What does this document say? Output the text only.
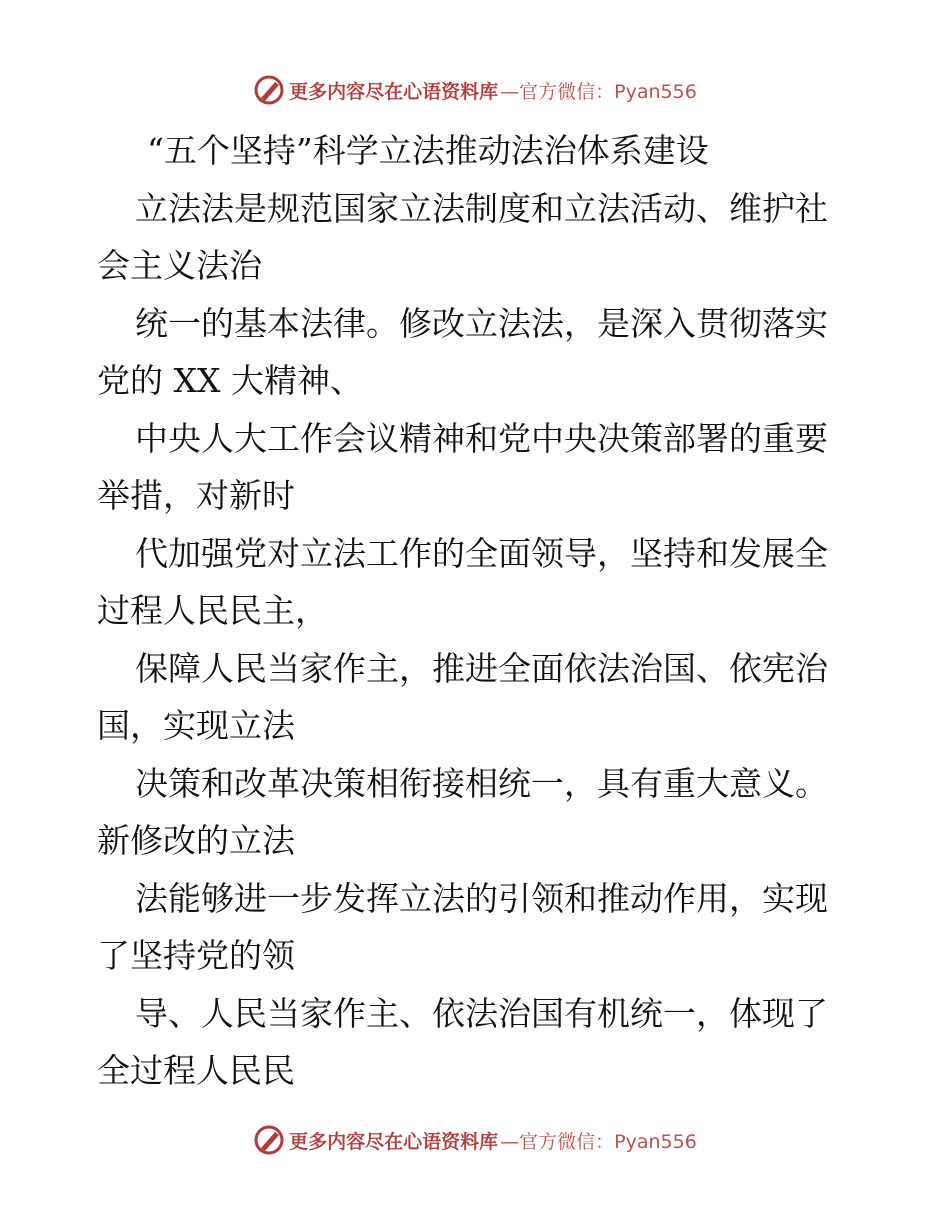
更多内容尽在心语资料库 —官方微信：Pyan556

“五个坚持”科学立法推动法治体系建设

立法法是规范国家立法制度和立法活动、维护社

会主义法治

统一的基本法律。修改立法法，是深入贯彻落实

党的 XX 大精神、

中央人大工作会议精神和党中央决策部署的重要

举措，对新时

代加强党对立法工作的全面领导，坚持和发展全

过程人民民主，

保障人民当家作主，推进全面依法治国、依宪治

国，实现立法

决策和改革决策相衔接相统一，具有重大意义。

新修改的立法

法能够进一步发挥立法的引领和推动作用，实现

了坚持党的领

导、人民当家作主、依法治国有机统一，体现了

全过程人民民

更多内容尽在心语资料库 —官方微信：Pyan556
